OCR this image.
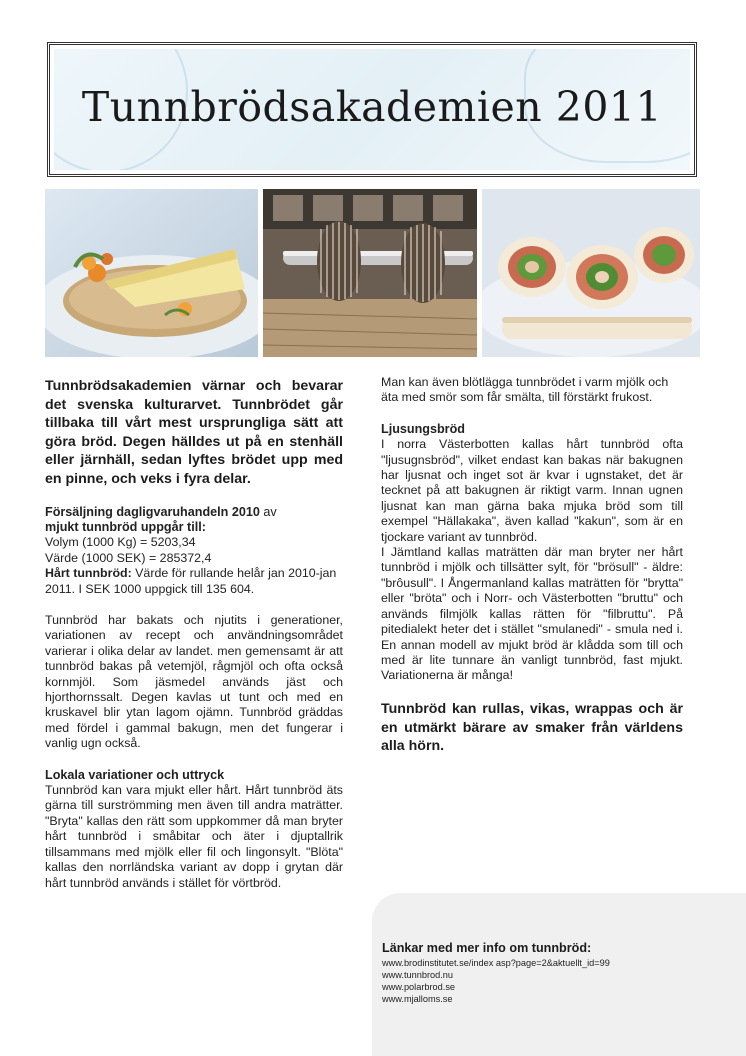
Tunnbrödsakademien 2011

Tunnbrödsakademien värnar och bevarar det svenska kulturarvet. Tunnbrödet går tillbaka till vårt mest ursprungliga sätt att göra bröd. Degen hälldes ut på en stenhäll eller järnhäll, sedan lyftes brödet upp med en pinne, och veks i fyra delar.

Försäljning dagligvaruhandeln 2010 av

mjukt tunnbröd uppgår till:

Volym (1000 Kg) = 5203,34

Värde (1000 SEK) = 285372,4

Hårt tunnbröd: Värde för rullande helår jan 2010-jan 2011. I SEK 1000 uppgick till 135 604.

Tunnbröd har bakats och njutits i generationer, variationen av recept och användningsområdet varierar i olika delar av landet. men gemensamt är att tunnbröd bakas på vetemjöl, rågmjöl och ofta också kornmjöl. Som jäsmedel används jäst och hjorthornssalt. Degen kavlas ut tunt och med en kruskavel blir ytan lagom ojämn. Tunnbröd gräddas med fördel i gammal bakugn, men det fungerar i vanlig ugn också.

Lokala variationer och uttryck

Tunnbröd kan vara mjukt eller hårt. Hårt tunnbröd äts gärna till surströmming men även till andra maträtter. "Bryta" kallas den rätt som uppkommer då man bryter hårt tunnbröd i småbitar och äter i djuptallrik tillsammans med mjölk eller fil och lingonsylt. "Blöta" kallas den norrländska variant av dopp i grytan där hårt tunnbröd används i stället för vörtbröd.

Man kan även blötlägga tunnbrödet i varm mjölk och äta med smör som får smälta, till förstärkt frukost.

Ljusungsbröd

I norra Västerbotten kallas hårt tunnbröd ofta "ljusugnsbröd", vilket endast kan bakas när bakugnen har ljusnat och inget sot är kvar i ugnstaket, det är tecknet på att bakugnen är riktigt varm. Innan ugnen ljusnat kan man gärna baka mjuka bröd som till exempel "Hällakaka", även kallad "kakun", som är en tjockare variant av tunnbröd.

I Jämtland kallas maträtten där man bryter ner hårt tunnbröd i mjölk och tillsätter sylt, för "brösull" - äldre: "brôusull". I Ångermanland kallas maträtten för "brytta" eller "bröta" och i Norr- och Västerbotten "bruttu" och används filmjölk kallas rätten för "filbruttu". På pitedialekt heter det i stället "smulanedi" - smula ned i. En annan modell av mjukt bröd är klådda som till och med är lite tunnare än vanligt tunnbröd, fast mjukt. Variationerna är många!

Tunnbröd kan rullas, vikas, wrappas och är en utmärkt bärare av smaker från världens alla hörn.

Länkar med mer info om tunnbröd:
www.brodinstitutet.se/index asp?page=2&aktuellt_id=99
www.tunnbrod.nu
www.polarbrod.se
www.mjalloms.se
